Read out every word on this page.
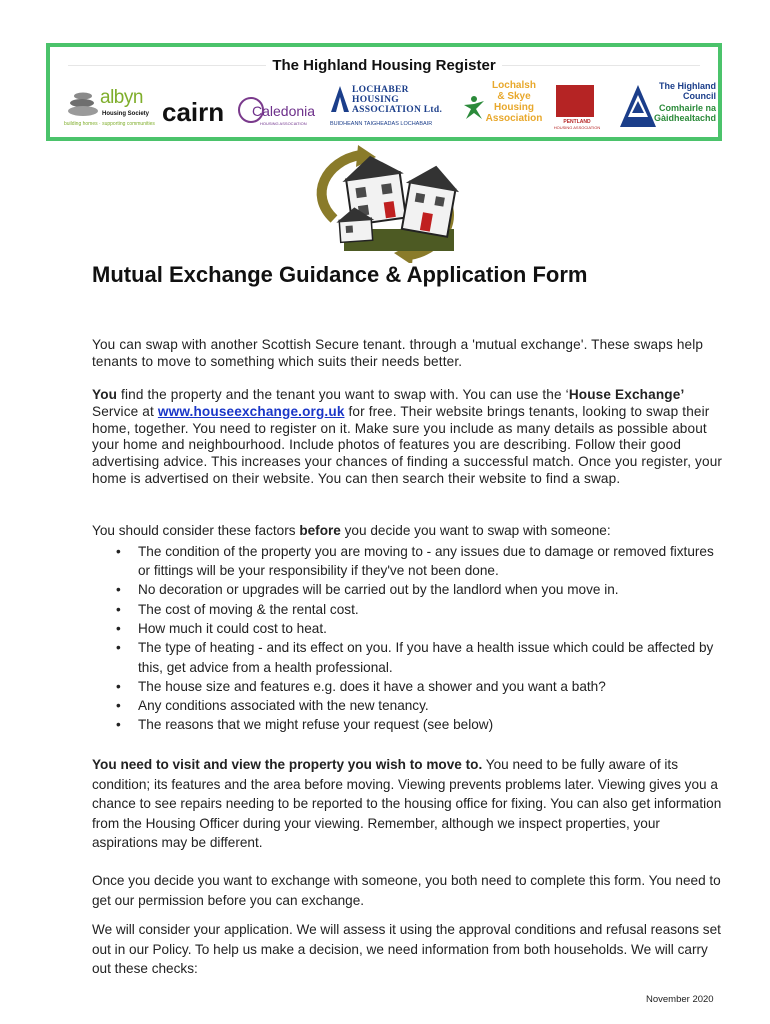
The Highland Housing Register
albyn
Housing Society
building homes · supporting communities cairn Caledonia
HOUSING ASSOCIATION
LOCHABER
HOUSING
ASSOCIATION Ltd.
BUIDHEANN TAIGHEADAS LOCHABAIR
Lochalsh
& Skye
Housing
Association	PENTLAND
HOUSING ASSOCIATION
The Highland
Council
Comhairle na
Gàidhealtachd
Mutual Exchange Guidance & Application Form

You can swap with another Scottish Secure tenant. through a 'mutual exchange'. These swaps help tenants to move to something which suits their needs better.

You find the property and the tenant you want to swap with. You can use the ‘House Exchange’ Service at www.houseexchange.org.uk for free. Their website brings tenants, looking to swap their home, together. You need to register on it. Make sure you include as many details as possible about your home and neighbourhood. Include photos of features you are describing. Follow their good advertising advice. This increases your chances of finding a successful match. Once you register, your home is advertised on their website. You can then search their website to find a swap.

You should consider these factors before you decide you want to swap with someone:

• The condition of the property you are moving to - any issues due to damage or removed fixtures or fittings will be your responsibility if they've not been done.
• No decoration or upgrades will be carried out by the landlord when you move in.
• The cost of moving & the rental cost.
• How much it could cost to heat.
• The type of heating - and its effect on you. If you have a health issue which could be affected by this, get advice from a health professional.
• The house size and features e.g. does it have a shower and you want a bath?
• Any conditions associated with the new tenancy.
• The reasons that we might refuse your request (see below)

You need to visit and view the property you wish to move to. You need to be fully aware of its condition; its features and the area before moving. Viewing prevents problems later. Viewing gives you a chance to see repairs needing to be reported to the housing office for fixing. You can also get information from the Housing Officer during your viewing. Remember, although we inspect properties, your aspirations may be different.

Once you decide you want to exchange with someone, you both need to complete this form. You need to get our permission before you can exchange.

We will consider your application. We will assess it using the approval conditions and refusal reasons set out in our Policy. To help us make a decision, we need information from both households. We will carry out these checks:

November 2020
